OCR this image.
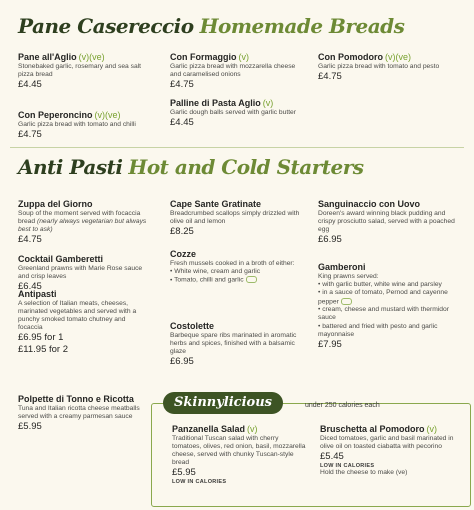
Pane Casereccio Homemade Breads
Pane all'Aglio (v)(ve)
Stonebаked garlic, rosemary and sea salt pizza bread
£4.45
Con Formaggio (v)
Garlic pizza bread with mozzarella cheese and caramelised onions
£4.75
Con Pomodoro (v)(ve)
Garlic pizza bread with tomato and pesto
£4.75
Con Peperoncino (v)(ve)
Garlic pizza bread with tomato and chilli
£4.75
Palline di Pasta Aglio (v)
Garlic dough balls served with garlic butter
£4.45
Anti Pasti Hot and Cold Starters
Zuppa del Giorno
Soup of the moment served with focaccia bread (nearly always vegetarian but always best to ask)
£4.75
Cocktail Gamberetti
Greenland prawns with Marie Rose sauce and crisp leaves
£6.45
Antipasti
A selection of Italian meats, cheeses, marinated vegetables and served with a punchy smoked tomato chutney and focaccia
£6.95 for 1
£11.95 for 2
Polpette di Tonno e Ricotta
Tuna and Italian ricotta cheese meatballs served with a creamy parmesan sauce
£5.95
Cape Sante Gratinate
Breadcrumbed scallops simply drizzled with olive oil and lemon
£8.25
Cozze
Fresh mussels cooked in a broth of either:
• White wine, cream and garlic
• Tomato, chilli and garlic
Costolette
Barbeque spare ribs marinated in aromatic herbs and spices, finished with a balsamic glaze
£6.95
Sanguinaccio con Uovo
Doreen's award winning black pudding and crispy prosciutto salad, served with a poached egg
£6.95
Gamberoni
King prawns served:
• with garlic butter, white wine and parsley
• in a sauce of tomato, Pernod and cayenne pepper
• cream, cheese and mustard with thermidor sauce
• battered and fried with pesto and garlic mayonnaise
£7.95
Skinnylicious	under 250 calories each
Panzanella Salad (v)
Traditional Tuscan salad with cherry tomatoes, olives, red onion, basil, mozzarella cheese, served with chunky Tuscan-style bread
£5.95
LOW IN CALORIES
Bruschetta al Pomodoro (v)
Diced tomatoes, garlic and basil marinated in olive oil on toasted ciabatta with pecorino
£5.45
LOW IN CALORIES
Hold the cheese to make (ve)
